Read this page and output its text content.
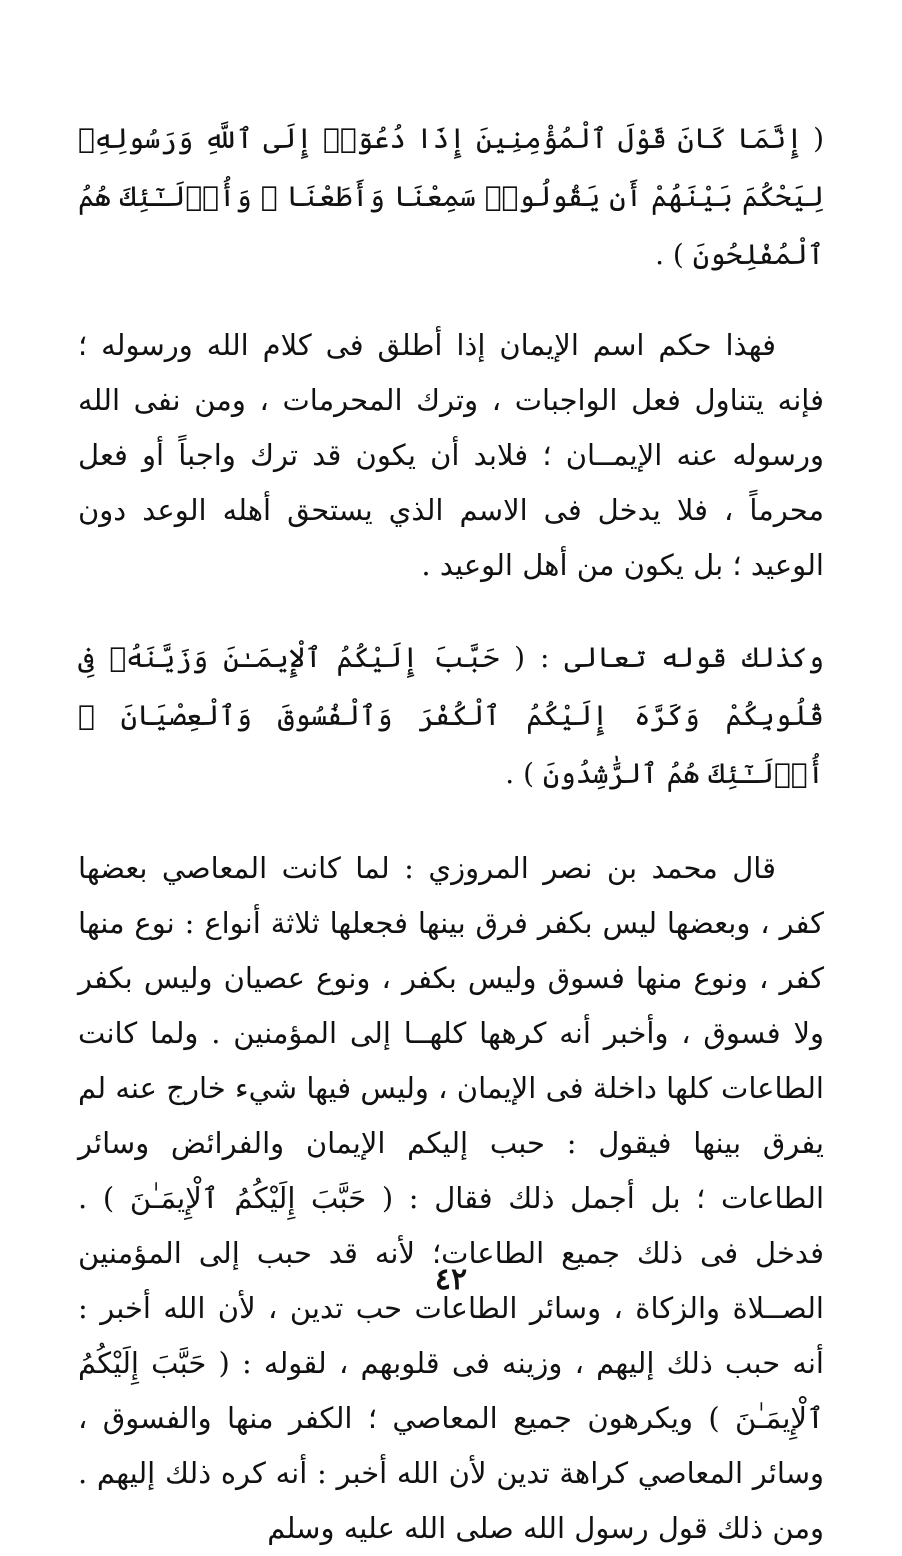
( إِنَّمَا كَانَ قَوْلَ ٱلْمُؤْمِنِينَ إِذَا دُعُوٓا۟ إِلَى ٱللَّهِ وَرَسُولِهِۦ لِيَحْكُمَ بَيْنَهُمْ أَن يَقُولُوا۟ سَمِعْنَا وَأَطَعْنَا ۚ وَأُو۟لَـٰٓئِكَ هُمُ ٱلْمُفْلِحُونَ ) .

فهذا حكم اسم الإيمان إذا أطلق فى كلام الله ورسوله ؛ فإنه يتناول فعل الواجبات ، وترك المحرمات ، ومن نفى الله ورسوله عنه الإيمــان ؛ فلابد أن يكون قد ترك واجباً أو فعل محرماً ، فلا يدخل فى الاسم الذي يستحق أهله الوعد دون الوعيد ؛ بل يكون من أهل الوعيد .

وكذلك قوله تعالى : ( حَبَّبَ إِلَيْكُمُ ٱلْإِيمَـٰنَ وَزَيَّنَهُۥ فِى قُلُوبِكُمْ وَكَرَّهَ إِلَيْكُمُ ٱلْكُفْرَ وَٱلْفُسُوقَ وَٱلْعِصْيَانَ ۚ أُو۟لَـٰٓئِكَ هُمُ ٱلرَّٰشِدُونَ ) .

قال محمد بن نصر المروزي : لما كانت المعاصي بعضها كفر ، وبعضها ليس بكفر فرق بينها فجعلها ثلاثة أنواع : نوع منها كفر ، ونوع منها فسوق وليس بكفر ، ونوع عصيان وليس بكفر ولا فسوق ، وأخبر أنه كرهها كلهــا إلى المؤمنين . ولما كانت الطاعات كلها داخلة فى الإيمان ، وليس فيها شيء خارج عنه لم يفرق بينها فيقول : حبب إليكم الإيمان والفرائض وسائر الطاعات ؛ بل أجمل ذلك فقال : ( حَبَّبَ إِلَيْكُمُ ٱلْإِيمَـٰنَ ) . فدخل فى ذلك جميع الطاعات؛ لأنه قد حبب إلى المؤمنين الصــلاة والزكاة ، وسائر الطاعات حب تدين ، لأن الله أخبر : أنه حبب ذلك إليهم ، وزينه فى قلوبهم ، لقوله : ( حَبَّبَ إِلَيْكُمُ ٱلْإِيمَـٰنَ ) ويكرهون جميع المعاصي ؛ الكفر منها والفسوق ، وسائر المعاصي كراهة تدين لأن الله أخبر : أنه كره ذلك إليهم . ومن ذلك قول رسول الله صلى الله عليه وسلم

٤٢
